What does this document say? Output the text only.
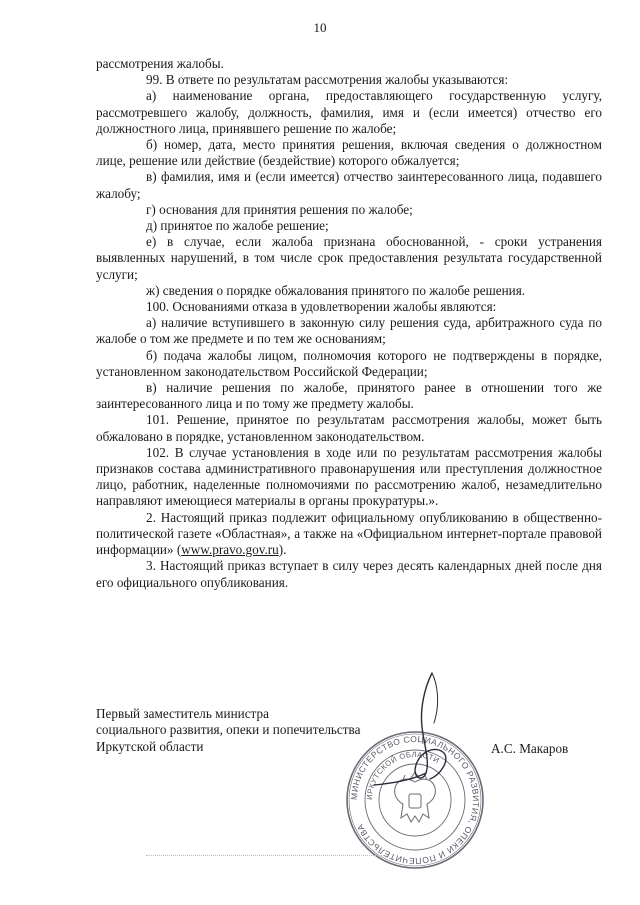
10

рассмотрения жалобы.

99. В ответе по результатам рассмотрения жалобы указываются:

а) наименование органа, предоставляющего государственную услугу, рассмотревшего жалобу, должность, фамилия, имя и (если имеется) отчество его должностного лица, принявшего решение по жалобе;

б) номер, дата, место принятия решения, включая сведения о должностном лице, решение или действие (бездействие) которого обжалуется;

в) фамилия, имя и (если имеется) отчество заинтересованного лица, подавшего жалобу;

г) основания для принятия решения по жалобе;

д) принятое по жалобе решение;

е) в случае, если жалоба признана обоснованной, - сроки устранения выявленных нарушений, в том числе срок предоставления результата государственной услуги;

ж) сведения о порядке обжалования принятого по жалобе решения.

100. Основаниями отказа в удовлетворении жалобы являются:

а) наличие вступившего в законную силу решения суда, арбитражного суда по жалобе о том же предмете и по тем же основаниям;

б) подача жалобы лицом, полномочия которого не подтверждены в порядке, установленном законодательством Российской Федерации;

в) наличие решения по жалобе, принятого ранее в отношении того же заинтересованного лица и по тому же предмету жалобы.

101. Решение, принятое по результатам рассмотрения жалобы, может быть обжаловано в порядке, установленном законодательством.

102. В случае установления в ходе или по результатам рассмотрения жалобы признаков состава административного правонарушения или преступления должностное лицо, работник, наделенные полномочиями по рассмотрению жалоб, незамедлительно направляют имеющиеся материалы в органы прокуратуры.».

2. Настоящий приказ подлежит официальному опубликованию в общественно-политической газете «Областная», а также на «Официальном интернет-портале правовой информации» (www.pravo.gov.ru).

3. Настоящий приказ вступает в силу через десять календарных дней после дня его официального опубликования.

Первый заместитель министра
социального развития, опеки и попечительства
Иркутской области	А.С. Макаров
МИНИСТЕРСТВО СОЦИАЛЬНОГО РАЗВИТИЯ, ОПЕКИ И ПОПЕЧИТЕЛЬСТВА
ИРКУТСКОЙ ОБЛАСТИ
